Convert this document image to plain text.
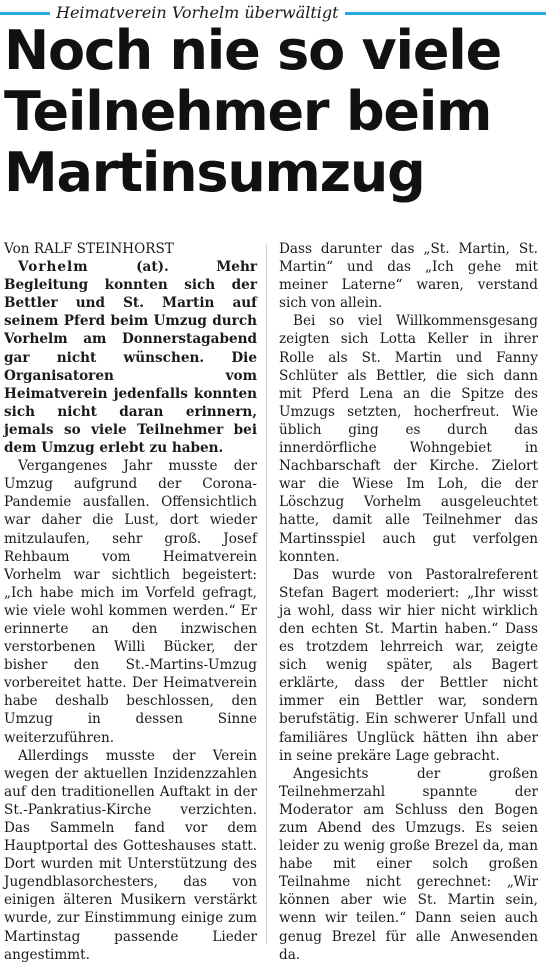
Heimatverein Vorhelm überwältigt
Noch nie so viele
Teilnehmer beim
Martinsumzug

Von RALF STEINHORST

Vorhelm (at). Mehr Begleitung konnten sich der Bettler und St. Martin auf seinem Pferd beim Umzug durch Vorhelm am Donnerstagabend gar nicht wünschen. Die Organisatoren vom Heimatverein jedenfalls konnten sich nicht daran erinnern, jemals so viele Teilnehmer bei dem Umzug erlebt zu haben.

Vergangenes Jahr musste der Umzug aufgrund der Corona-Pandemie ausfallen. Offensichtlich war daher die Lust, dort wieder mitzulaufen, sehr groß. Josef Rehbaum vom Heimatverein Vorhelm war sichtlich begeistert: „Ich habe mich im Vorfeld gefragt, wie viele wohl kommen werden.“ Er erinnerte an den inzwischen verstorbenen Willi Bücker, der bisher den St.-Martins-Umzug vorbereitet hatte. Der Heimatverein habe deshalb beschlossen, den Umzug in dessen Sinne weiterzuführen.

Allerdings musste der Verein wegen der aktuellen Inzidenzzahlen auf den traditionellen Auftakt in der St.-Pankratius-Kirche verzichten. Das Sammeln fand vor dem Hauptportal des Gotteshauses statt. Dort wurden mit Unterstützung des Jugendblasorchesters, das von einigen älteren Musikern verstärkt wurde, zur Einstimmung einige zum Martinstag passende Lieder angestimmt.

Dass darunter das „St. Martin, St. Martin“ und das „Ich gehe mit meiner Laterne“ waren, verstand sich von allein.

Bei so viel Willkommensgesang zeigten sich Lotta Keller in ihrer Rolle als St. Martin und Fanny Schlüter als Bettler, die sich dann mit Pferd Lena an die Spitze des Umzugs setzten, hocherfreut. Wie üblich ging es durch das innerdörfliche Wohngebiet in Nachbarschaft der Kirche. Zielort war die Wiese Im Loh, die der Löschzug Vorhelm ausgeleuchtet hatte, damit alle Teilnehmer das Martinsspiel auch gut verfolgen konnten.

Das wurde von Pastoralreferent Stefan Bagert moderiert: „Ihr wisst ja wohl, dass wir hier nicht wirklich den echten St. Martin haben.“ Dass es trotzdem lehrreich war, zeigte sich wenig später, als Bagert erklärte, dass der Bettler nicht immer ein Bettler war, sondern berufstätig. Ein schwerer Unfall und familiäres Unglück hätten ihn aber in seine prekäre Lage gebracht.

Angesichts der großen Teilnehmerzahl spannte der Moderator am Schluss den Bogen zum Abend des Umzugs. Es seien leider zu wenig große Brezel da, man habe mit einer solch großen Teilnahme nicht gerechnet: „Wir können aber wie St. Martin sein, wenn wir teilen.“ Dann seien auch genug Brezel für alle Anwesenden da.
